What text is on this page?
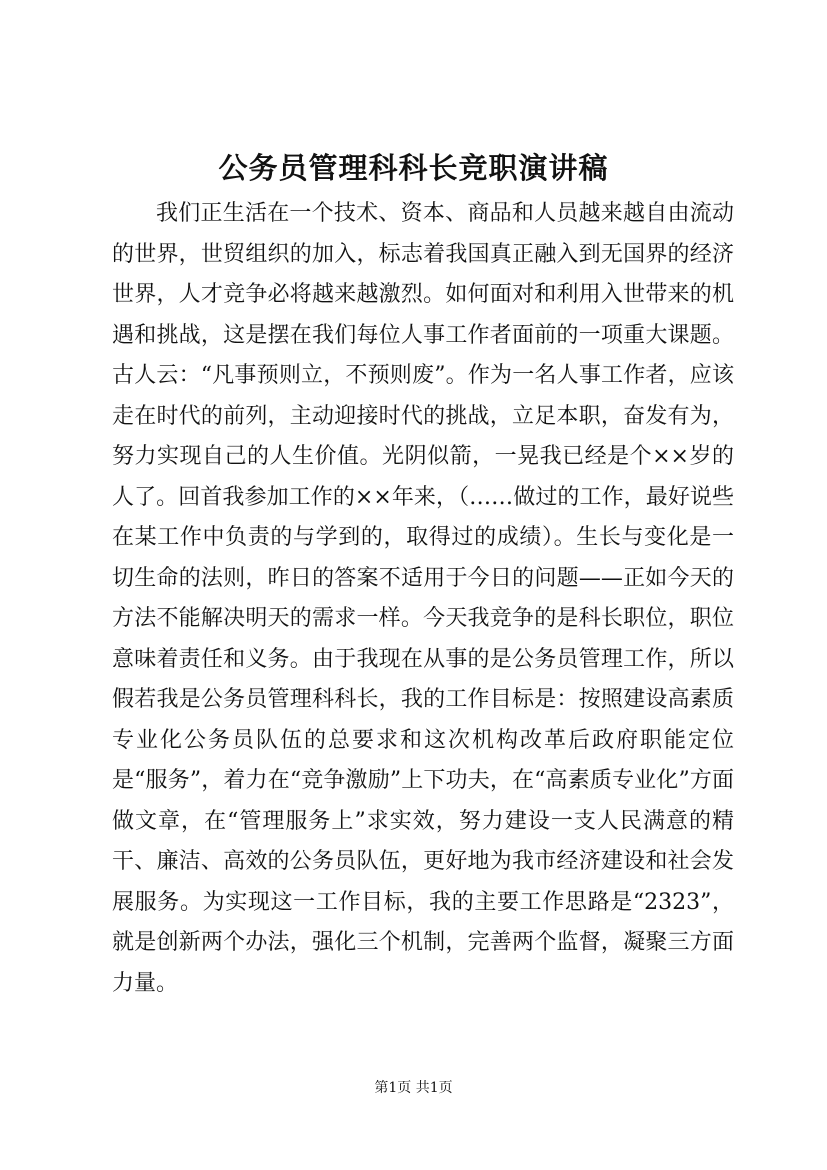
公务员管理科科长竞职演讲稿

我们正生活在一个技术、资本、商品和人员越来越自由流动的世界，世贸组织的加入，标志着我国真正融入到无国界的经济世界，人才竞争必将越来越激烈。如何面对和利用入世带来的机遇和挑战，这是摆在我们每位人事工作者面前的一项重大课题。古人云：“凡事预则立，不预则废”。作为一名人事工作者，应该走在时代的前列，主动迎接时代的挑战，立足本职，奋发有为，努力实现自己的人生价值。光阴似箭，一晃我已经是个××岁的人了。回首我参加工作的××年来，（……做过的工作，最好说些在某工作中负责的与学到的，取得过的成绩）。生长与变化是一切生命的法则，昨日的答案不适用于今日的问题——正如今天的方法不能解决明天的需求一样。今天我竞争的是科长职位，职位意味着责任和义务。由于我现在从事的是公务员管理工作，所以假若我是公务员管理科科长，我的工作目标是：按照建设高素质专业化公务员队伍的总要求和这次机构改革后政府职能定位是“服务”，着力在“竞争激励”上下功夫，在“高素质专业化”方面做文章，在“管理服务上”求实效，努力建设一支人民满意的精干、廉洁、高效的公务员队伍，更好地为我市经济建设和社会发展服务。为实现这一工作目标，我的主要工作思路是“2323”，就是创新两个办法，强化三个机制，完善两个监督，凝聚三方面力量。

第1页 共1页
